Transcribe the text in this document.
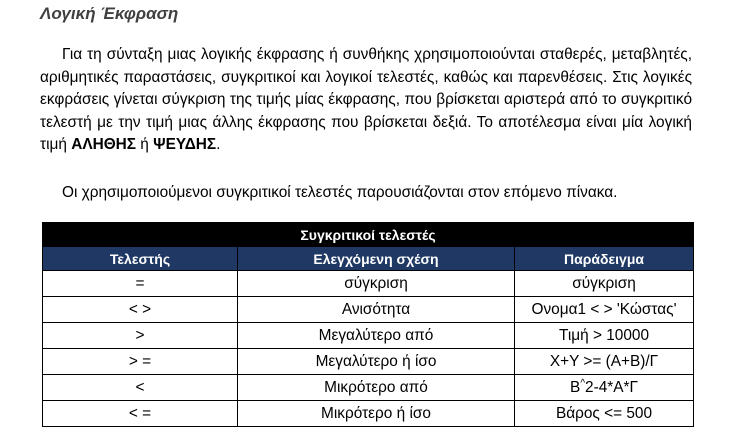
Λογική Έκφραση

Για τη σύνταξη μιας λογικής έκφρασης ή συνθήκης χρησιμοποιούνται σταθερές, μεταβλητές, αριθμητικές παραστάσεις, συγκριτικοί και λογικοί τελεστές, καθώς και παρενθέσεις. Στις λογικές εκφράσεις γίνεται σύγκριση της τιμής μίας έκφρασης, που βρίσκεται αριστερά από το συγκριτικό τελεστή με την τιμή μιας άλλης έκφρασης που βρίσκεται δεξιά. Το αποτέλεσμα είναι μία λογική τιμή ΑΛΗΘΗΣ ή ΨΕΥΔΗΣ.

Οι χρησιμοποιούμενοι συγκριτικοί τελεστές παρουσιάζονται στον επόμενο πίνακα.

Συγκριτικοί τελεστές		
Τελεστής	Ελεγχόμενη σχέση	Παράδειγμα
=	σύγκριση	σύγκριση
< >	Ανισότητα	Ονομα1 < > 'Κώστας'
>	Μεγαλύτερο από	Τιμή > 10000
> =	Μεγαλύτερο ή ίσο	X+Y >= (A+B)/Γ
<	Μικρότερο από	B^2-4*Α*Γ
< =	Μικρότερο ή ίσο	Βάρος <= 500
